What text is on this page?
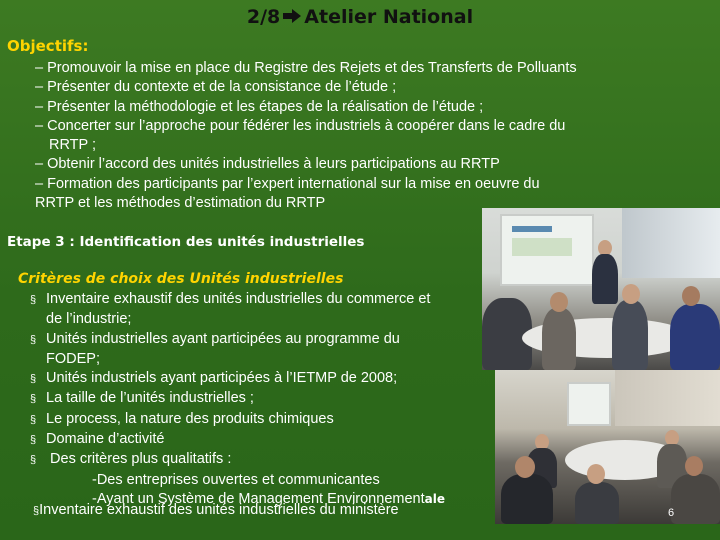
2/8 Atelier National
Objectifs:
– Promouvoir la mise en place du Registre des Rejets et des Transferts de Polluants
– Présenter du contexte et de la consistance de l’étude ;
– Présenter la méthodologie et les étapes de la réalisation de l’étude ;
– Concerter sur l’approche pour fédérer les industriels à coopérer dans le cadre du
RRTP ;
– Obtenir l’accord des unités industrielles à leurs participations au RRTP
– Formation des participants par l’expert international sur la mise en oeuvre du
RRTP et les méthodes d’estimation du RRTP
Etape 3 : Identification des unités industrielles
Critères de choix des Unités industrielles
§ Inventaire exhaustif des unités industrielles du commerce et
de l’industrie;
§ Unités industrielles ayant participées au programme du
FODEP;
§ Unités industriels ayant participées à l’IETMP de 2008;
§ La taille de l’unités industrielles ;
§ Le process, la nature des produits chimiques
§ Domaine d’activité
§ Des critères plus qualitatifs :
-Des entreprises ouvertes et communicantes
-Ayant un Système de Management Environnementale
§Inventaire exhaustif des unités industrielles du ministère	6
